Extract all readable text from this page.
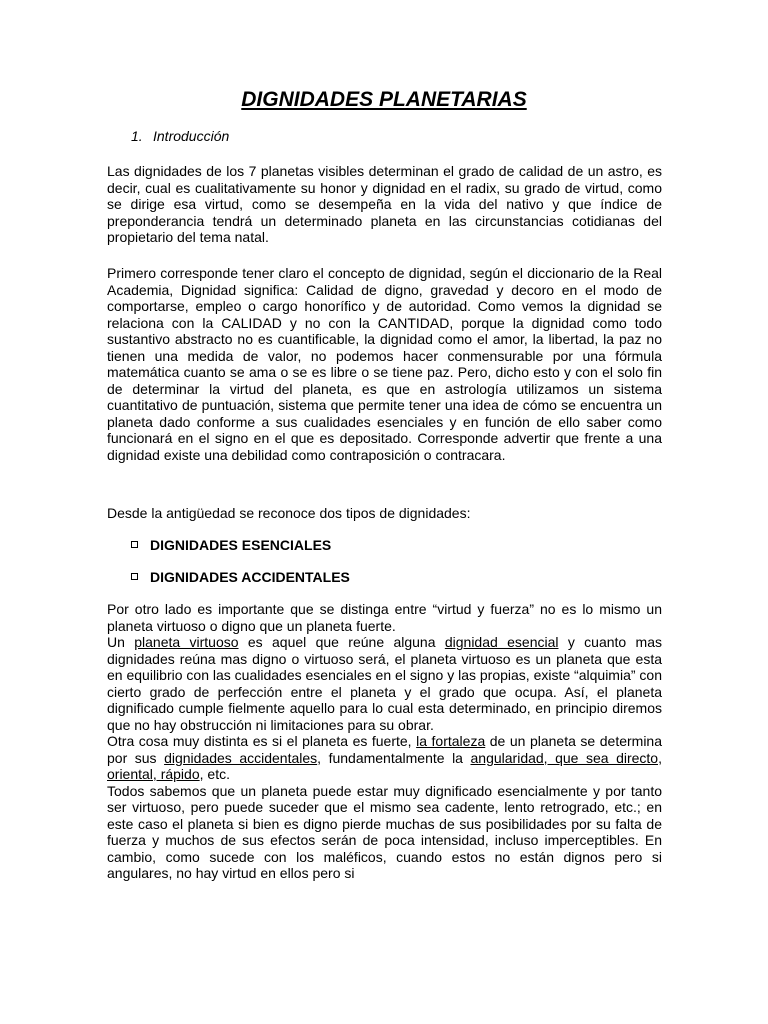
DIGNIDADES PLANETARIAS
1. Introducción

Las dignidades de los 7 planetas visibles determinan el grado de calidad de un astro, es decir, cual es cualitativamente su honor y dignidad en el radix, su grado de virtud, como se dirige esa virtud, como se desempeña en la vida del nativo y que índice de preponderancia tendrá un determinado planeta en las circunstancias cotidianas del propietario del tema natal.

Primero corresponde tener claro el concepto de dignidad, según el diccionario de la Real Academia, Dignidad significa: Calidad de digno, gravedad y decoro en el modo de comportarse, empleo o cargo honorífico y de autoridad. Como vemos la dignidad se relaciona con la CALIDAD y no con la CANTIDAD, porque la dignidad como todo sustantivo abstracto no es cuantificable, la dignidad como el amor, la libertad, la paz no tienen una medida de valor, no podemos hacer conmensurable por una fórmula matemática cuanto se ama o se es libre o se tiene paz. Pero, dicho esto y con el solo fin de determinar la virtud del planeta, es que en astrología utilizamos un sistema cuantitativo de puntuación, sistema que permite tener una idea de cómo se encuentra un planeta dado conforme a sus cualidades esenciales y en función de ello saber como funcionará en el signo en el que es depositado. Corresponde advertir que frente a una dignidad existe una debilidad como contraposición o contracara.

Desde la antigüedad se reconoce dos tipos de dignidades:

DIGNIDADES ESENCIALES
DIGNIDADES ACCIDENTALES

Por otro lado es importante que se distinga entre “virtud y fuerza” no es lo mismo un planeta virtuoso o digno que un planeta fuerte.

Un planeta virtuoso es aquel que reúne alguna dignidad esencial y cuanto mas dignidades reúna mas digno o virtuoso será, el planeta virtuoso es un planeta que esta en equilibrio con las cualidades esenciales en el signo y las propias, existe “alquimia” con cierto grado de perfección entre el planeta y el grado que ocupa. Así, el planeta dignificado cumple fielmente aquello para lo cual esta determinado, en principio diremos que no hay obstrucción ni limitaciones para su obrar.

Otra cosa muy distinta es si el planeta es fuerte, la fortaleza de un planeta se determina por sus dignidades accidentales, fundamentalmente la angularidad, que sea directo, oriental, rápido, etc.

Todos sabemos que un planeta puede estar muy dignificado esencialmente y por tanto ser virtuoso, pero puede suceder que el mismo sea cadente, lento retrogrado, etc.; en este caso el planeta si bien es digno pierde muchas de sus posibilidades por su falta de fuerza y muchos de sus efectos serán de poca intensidad, incluso imperceptibles. En cambio, como sucede con los maléficos, cuando estos no están dignos pero si angulares, no hay virtud en ellos pero si
